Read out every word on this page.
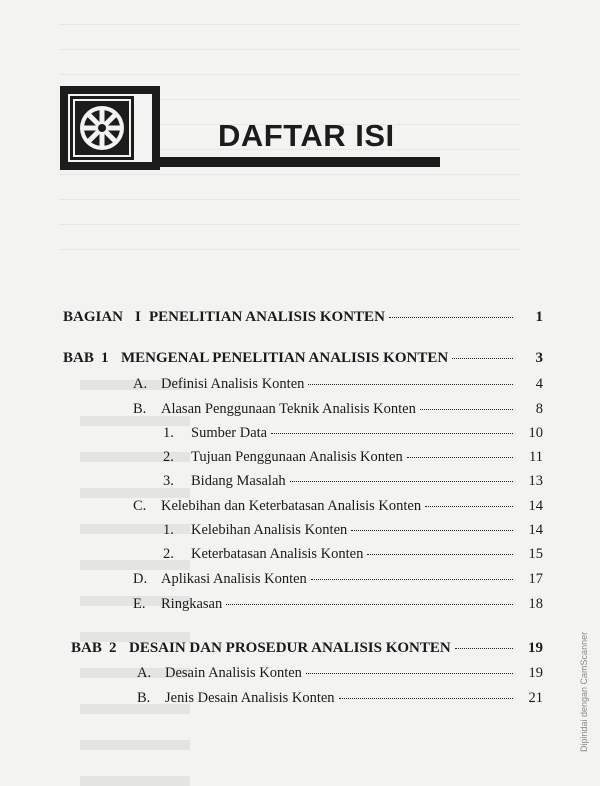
DAFTAR ISI
BAGIAN I PENELITIAN ANALISIS KONTEN	1
BAB 1 MENGENAL PENELITIAN ANALISIS KONTEN	3
A. Definisi Analisis Konten	4
B.	Alasan Penggunaan Teknik Analisis Konten	8
1.	Sumber Data	10
2.	Tujuan Penggunaan Analisis Konten	11
3.	Bidang Masalah	13
C.	Kelebihan dan Keterbatasan Analisis Konten	14
1.	Kelebihan Analisis Konten	14
2.	Keterbatasan Analisis Konten	15
D. Aplikasi Analisis Konten	17
E.	Ringkasan	18
BAB 2 DESAIN DAN PROSEDUR ANALISIS KONTEN	19
A. Desain Analisis Konten	19
B.	Jenis Desain Analisis Konten	21	Dipindai dengan CamScanner
